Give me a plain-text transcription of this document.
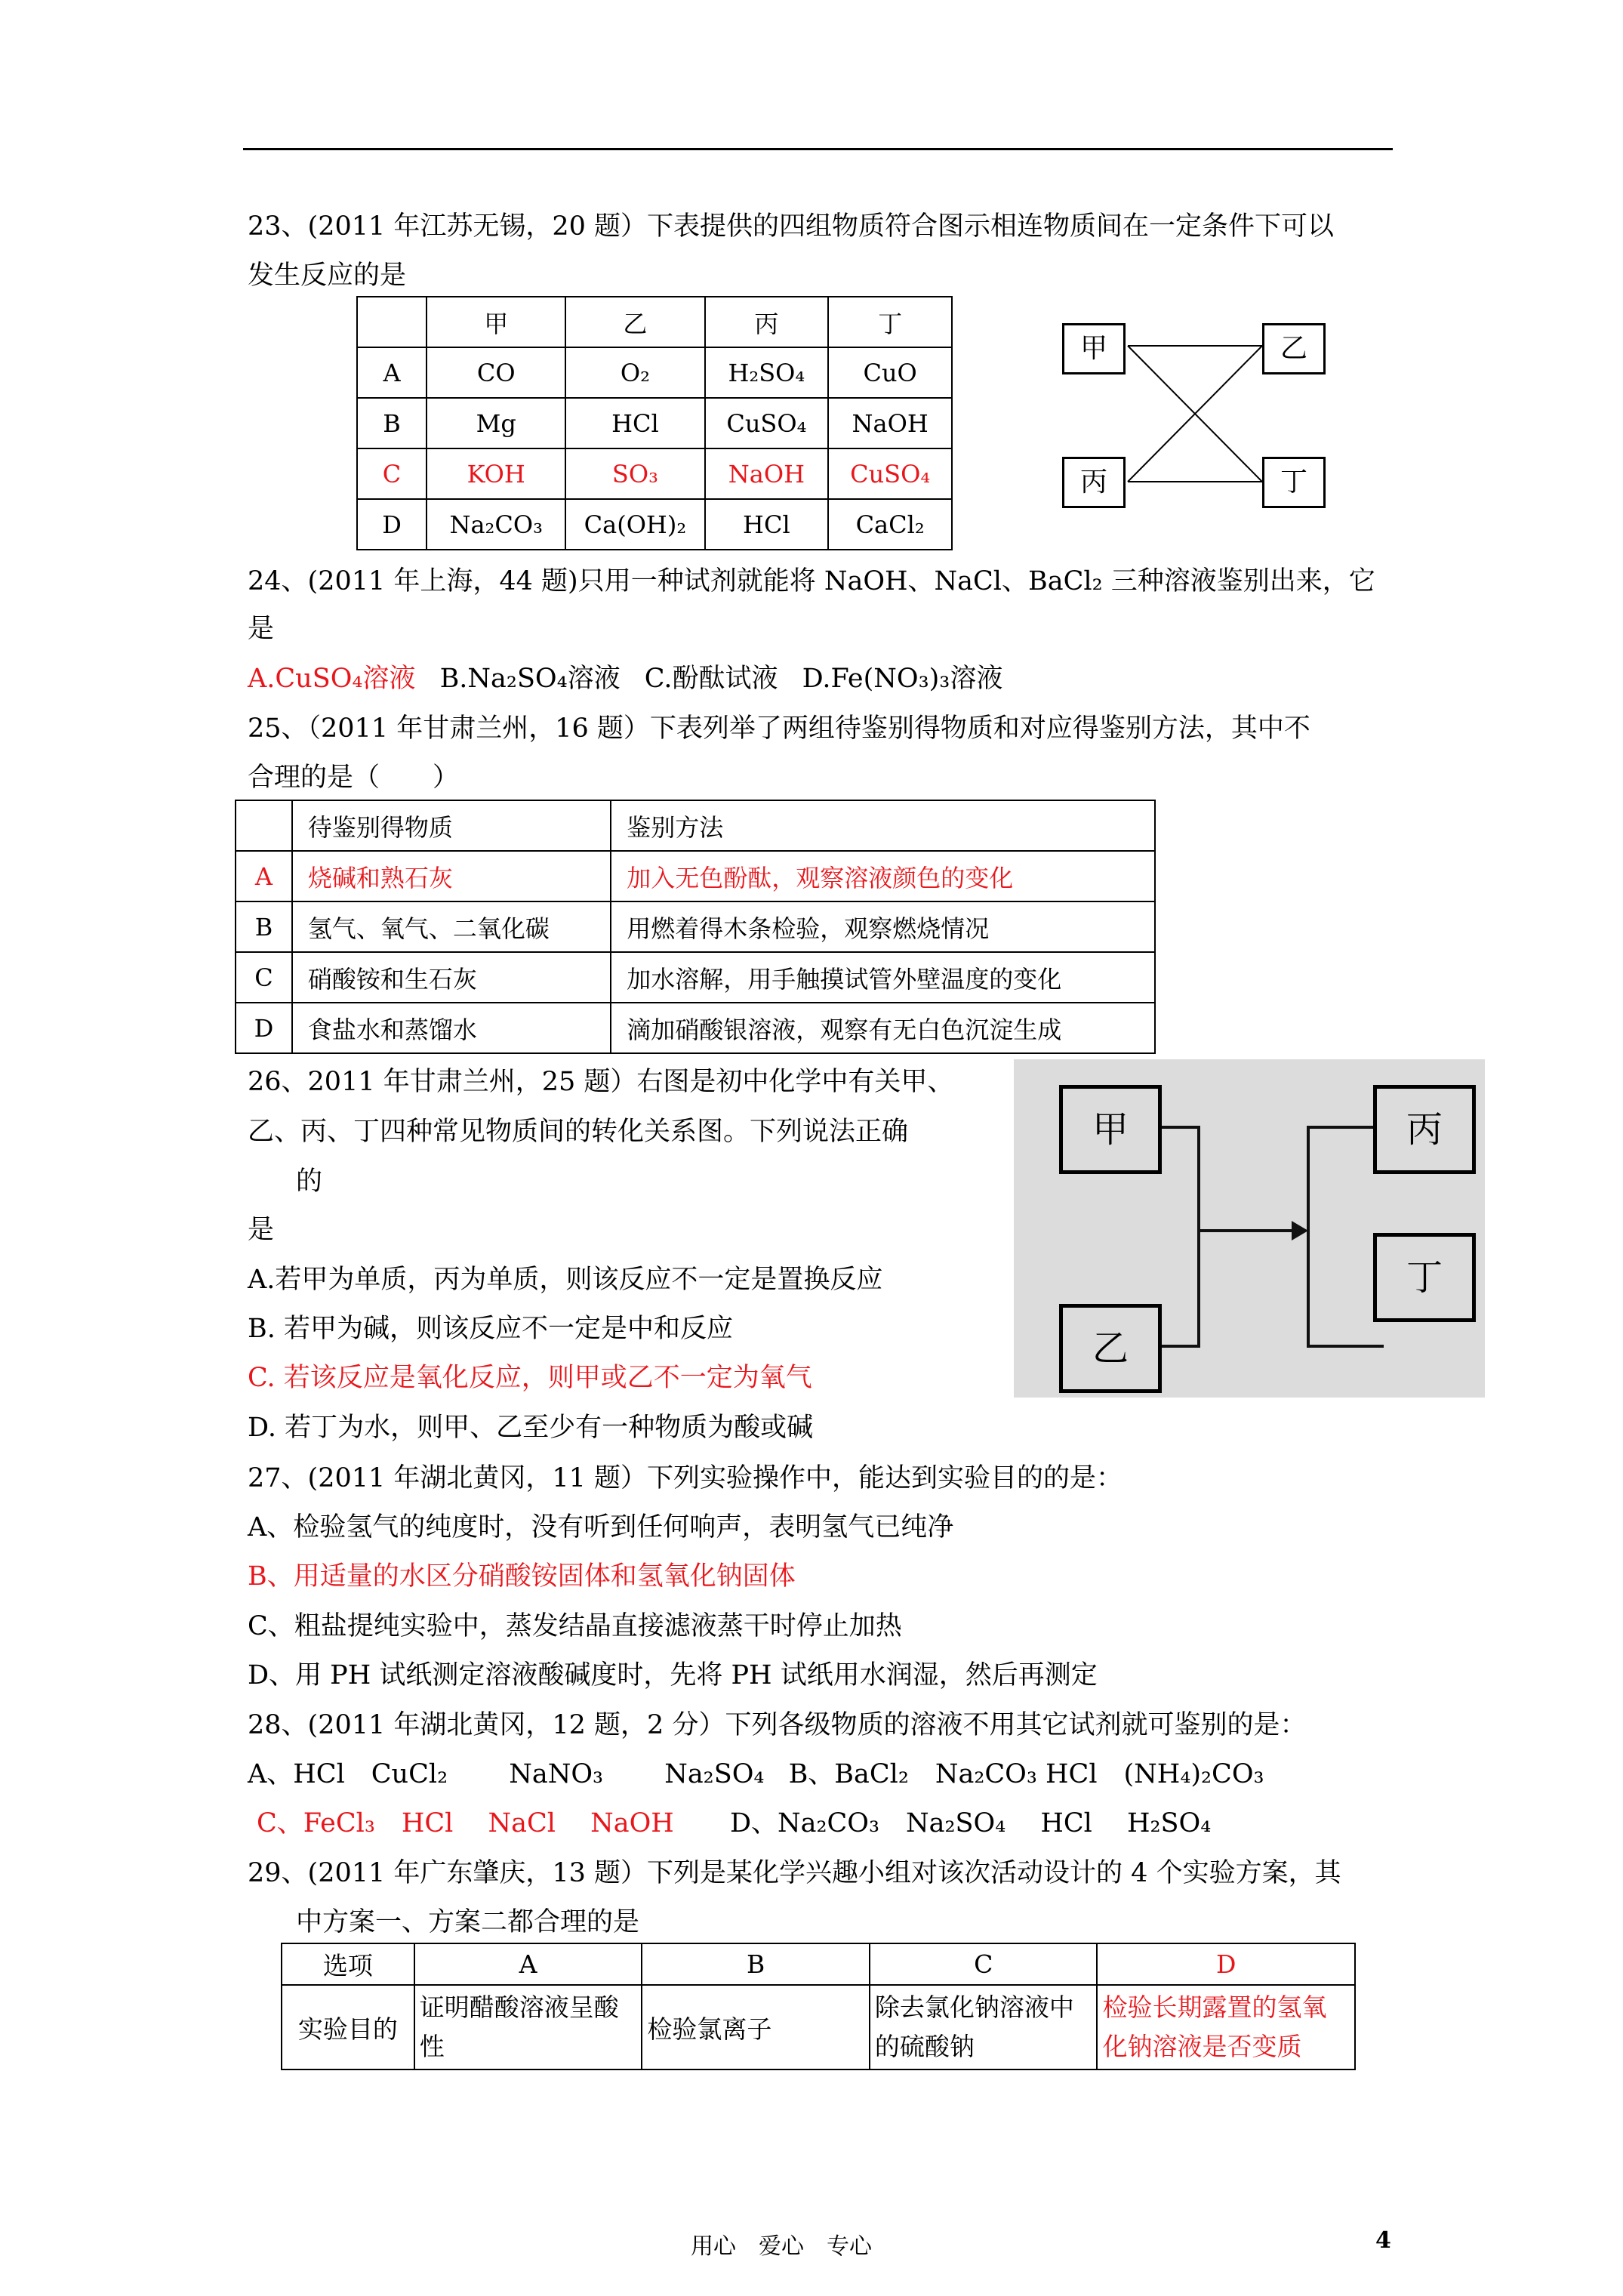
23、(2011 年江苏无锡，20 题）下表提供的四组物质符合图示相连物质间在一定条件下可以
发生反应的是
	甲	乙	丙	丁
A	CO	O₂	H₂SO₄	CuO
B	Mg	HCl	CuSO₄	NaOH
C	KOH	SO₃	NaOH	CuSO₄
D	Na₂CO₃	Ca(OH)₂	HCl	CaCl₂
甲	乙
丙	丁
24、(2011 年上海，44 题)只用一种试剂就能将 NaOH、NaCl、BaCl₂ 三种溶液鉴别出来，它
是
A.CuSO₄溶液 B.Na₂SO₄溶液 C.酚酞试液 D.Fe(NO₃)₃溶液
25、（2011 年甘肃兰州，16 题）下表列举了两组待鉴别得物质和对应得鉴别方法，其中不
合理的是（　　）
	待鉴别得物质	鉴别方法
A	烧碱和熟石灰	加入无色酚酞，观察溶液颜色的变化
B	氢气、氧气、二氧化碳	用燃着得木条检验，观察燃烧情况
C	硝酸铵和生石灰	加水溶解，用手触摸试管外壁温度的变化
D	食盐水和蒸馏水	滴加硝酸银溶液，观察有无白色沉淀生成
26、2011 年甘肃兰州，25 题）右图是初中化学中有关甲、
乙、丙、丁四种常见物质间的转化关系图。下列说法正确
的
是
A.若甲为单质，丙为单质，则该反应不一定是置换反应
B. 若甲为碱，则该反应不一定是中和反应
C. 若该反应是氧化反应，则甲或乙不一定为氧气
D. 若丁为水，则甲、乙至少有一种物质为酸或碱
甲
乙
丙
丁
27、(2011 年湖北黄冈，11 题）下列实验操作中，能达到实验目的的是：
A、检验氢气的纯度时，没有听到任何响声，表明氢气已纯净
B、用适量的水区分硝酸铵固体和氢氧化钠固体
C、粗盐提纯实验中，蒸发结晶直接滤液蒸干时停止加热
D、用 PH 试纸测定溶液酸碱度时，先将 PH 试纸用水润湿，然后再测定
28、(2011 年湖北黄冈，12 题，2 分）下列各级物质的溶液不用其它试剂就可鉴别的是：
A、HCl　CuCl₂　　 NaNO₃　　 Na₂SO₄ B、BaCl₂　Na₂CO₃ HCl　(NH₄)₂CO₃
C、FeCl₃　HCl　 NaCl　 NaOH D、Na₂CO₃　Na₂SO₄　 HCl　 H₂SO₄
29、(2011 年广东肇庆，13 题）下列是某化学兴趣小组对该次活动设计的 4 个实验方案，其
中方案一、方案二都合理的是
选项	A	B	C	D
实验目的	证明醋酸溶液呈酸性	检验氯离子	除去氯化钠溶液中的硫酸钠	检验长期露置的氢氧化钠溶液是否变质
用心　爱心　专心	4
